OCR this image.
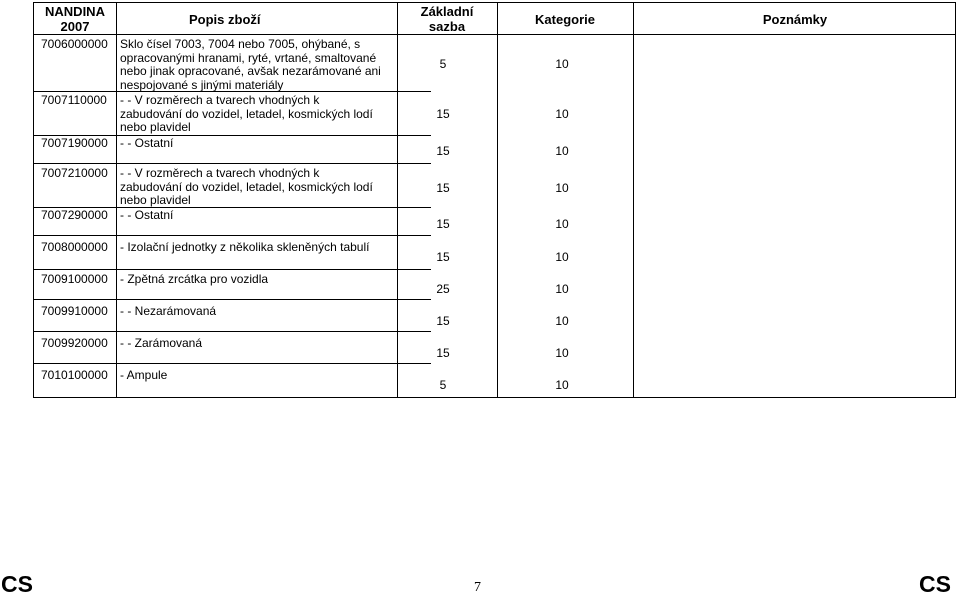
NANDINA
2007	Popis zboží
Základní
sazba	Kategorie	Poznámky
7006000000 Sklo čísel 7003, 7004 nebo 7005, ohýbané, s
opracovanými hranami, ryté, vrtané, smaltované
nebo jinak opracované, avšak nezarámované ani
nespojované s jinými materiály
5	10
7007110000 - - V rozměrech a tvarech vhodných k
zabudování do vozidel, letadel, kosmických lodí
nebo plavidel
15	10
7007190000 - - Ostatní
15	10
7007210000 - - V rozměrech a tvarech vhodných k
zabudování do vozidel, letadel, kosmických lodí
nebo plavidel
15	10
7007290000 - - Ostatní
15	10
7008000000 - Izolační jednotky z několika skleněných tabulí
15	10
7009100000 - Zpětná zrcátka pro vozidla
25	10
7009910000 - - Nezarámovaná
15	10
7009920000 - - Zarámovaná
15	10
7010100000 - Ampule
5	10
CS	7	CS
